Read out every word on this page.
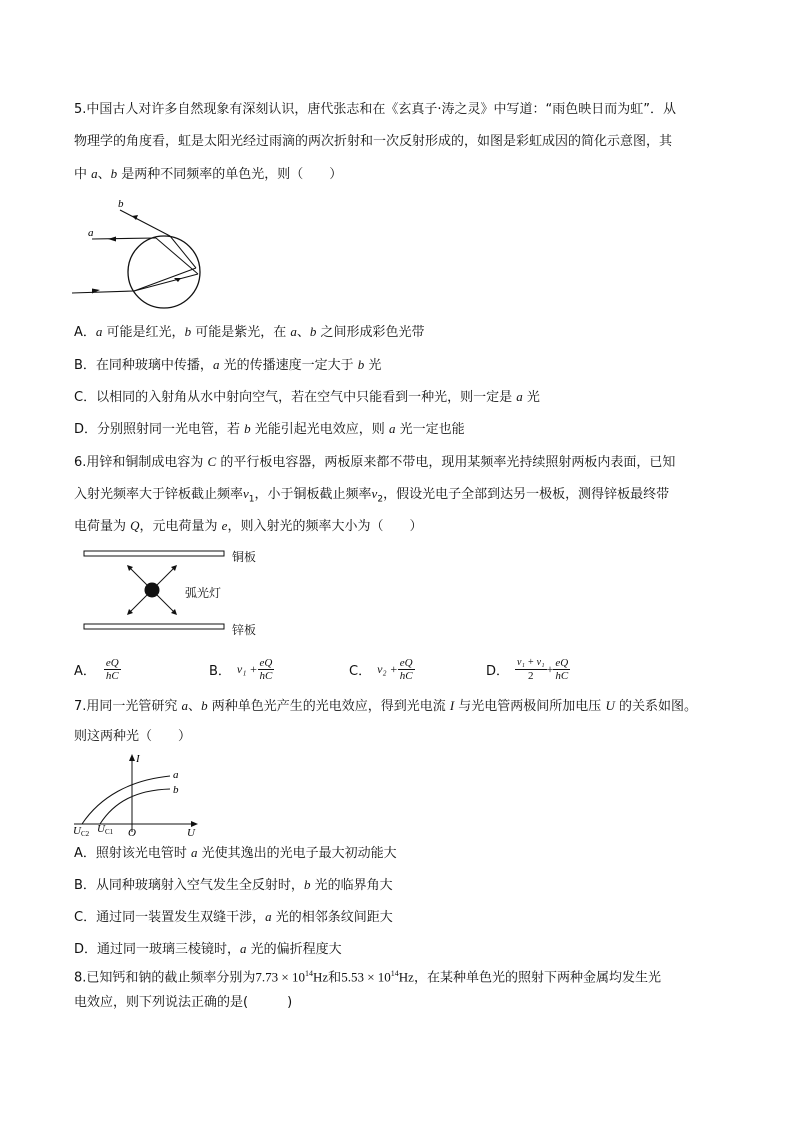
5.中国古人对许多自然现象有深刻认识，唐代张志和在《玄真子·涛之灵》中写道：“雨色映日而为虹”．从
物理学的角度看，虹是太阳光经过雨滴的两次折射和一次反射形成的，如图是彩虹成因的简化示意图，其
中 a、b 是两种不同频率的单色光，则（　　）
a
b
A．a 可能是红光，b 可能是紫光，在 a、b 之间形成彩色光带
B．在同种玻璃中传播，a 光的传播速度一定大于 b 光
C．以相同的入射角从水中射向空气，若在空气中只能看到一种光，则一定是 a 光
D．分别照射同一光电管，若 b 光能引起光电效应，则 a 光一定也能
6.用锌和铜制成电容为 C 的平行板电容器，两板原来都不带电，现用某频率光持续照射两板内表面，已知
入射光频率大于锌板截止频率$\nu_1$，小于铜板截止频率$\nu_2$，假设光电子全部到达另一极板，测得锌板最终带
电荷量为 Q，元电荷量为 e，则入射光的频率大小为（　　）
铜板
弧光灯
锌板
A． $\frac{eQ}{hC}$	B． $\nu_1 + \frac{eQ}{hC}$	C． $\nu_2 + \frac{eQ}{hC}$	D． $\frac{\text{ν₁ + ν₁}}{2} + \frac{eQ}{hC}$
7.用同一光管研究 a、b 两种单色光产生的光电效应，得到光电流 I 与光电管两极间所加电压 U 的关系如图。
则这两种光（　　）
I
U
O
a
b
UC2 UC1
A．照射该光电管时 a 光使其逸出的光电子最大初动能大
B．从同种玻璃射入空气发生全反射时，b 光的临界角大
C．通过同一装置发生双缝干涉，a 光的相邻条纹间距大
D．通过同一玻璃三棱镜时，a 光的偏折程度大
8.已知钙和钠的截止频率分别为$7.73 \times 10^{14}Hz$和$5.53 \times 10^{14}Hz$，在某种单色光的照射下两种金属均发生光
电效应，则下列说法正确的是(　　　)
